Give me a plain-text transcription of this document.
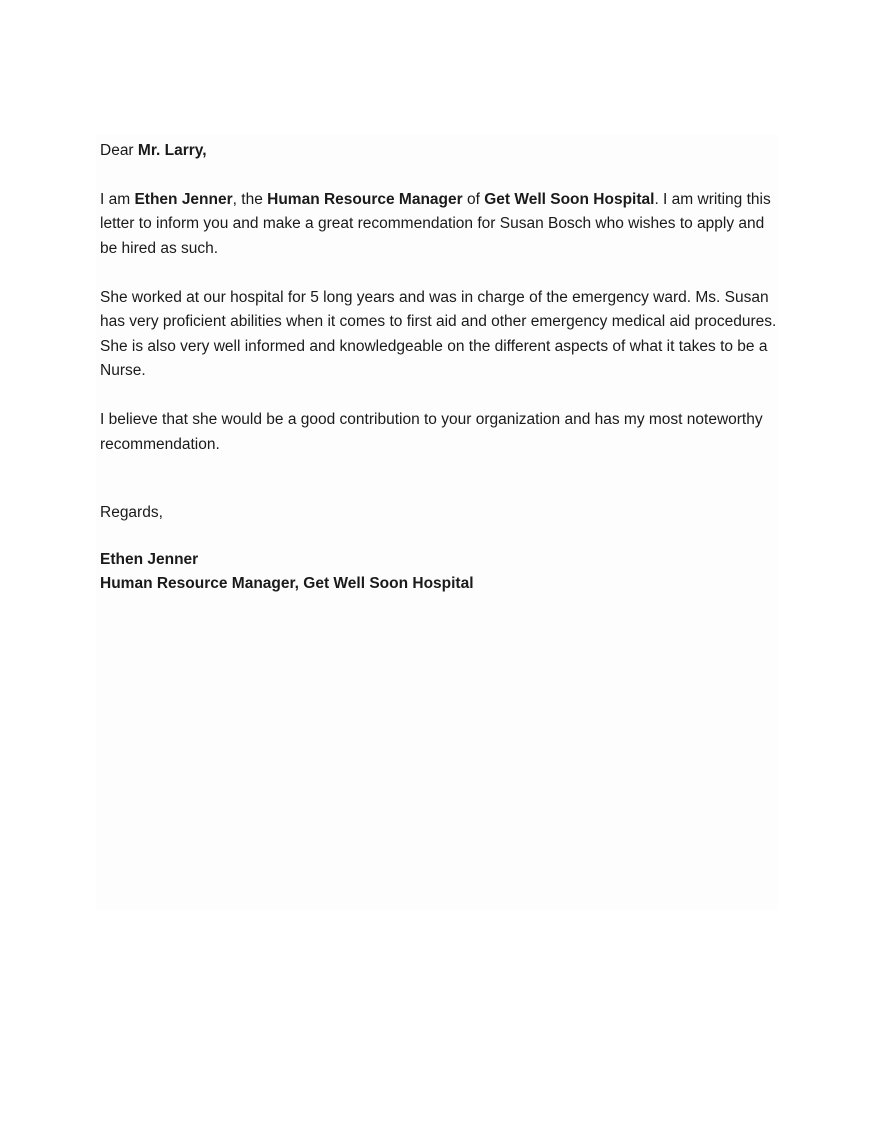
Dear Mr. Larry,

I am Ethen Jenner, the Human Resource Manager of Get Well Soon Hospital. I am writing this letter to inform you and make a great recommendation for Susan Bosch who wishes to apply and be hired as such.

She worked at our hospital for 5 long years and was in charge of the emergency ward. Ms. Susan has very proficient abilities when it comes to first aid and other emergency medical aid procedures. She is also very well informed and knowledgeable on the different aspects of what it takes to be a Nurse.

I believe that she would be a good contribution to your organization and has my most noteworthy recommendation.

Regards,

Ethen Jenner

Human Resource Manager, Get Well Soon Hospital
